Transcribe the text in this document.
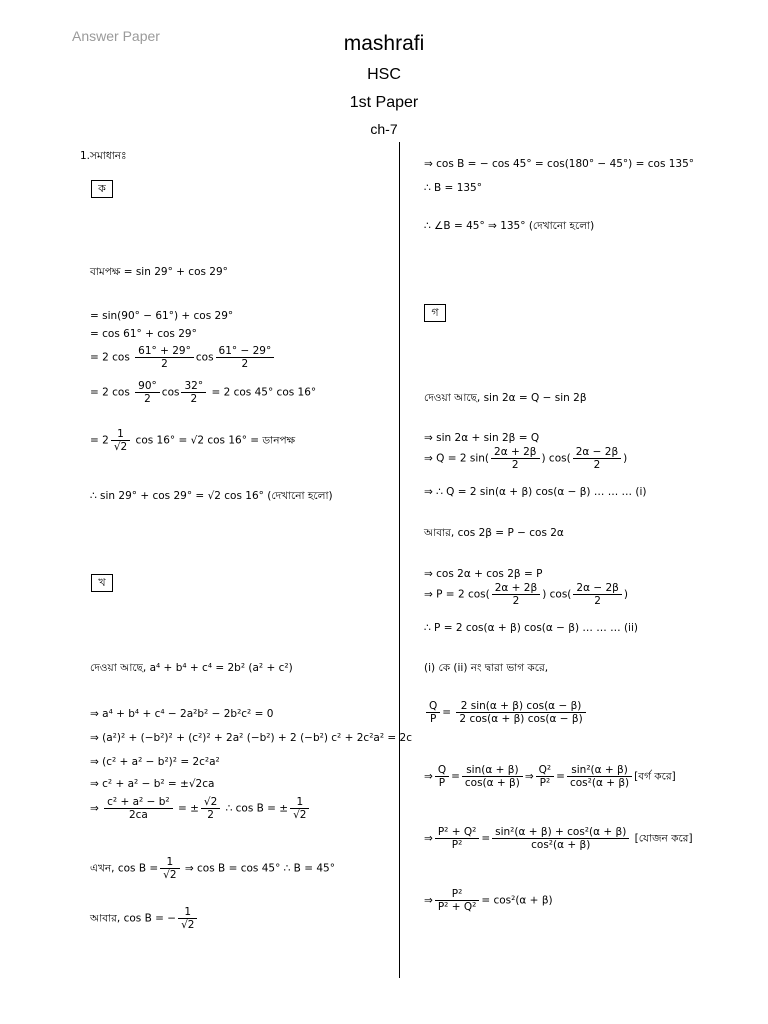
Answer Paper	mashrafi
HSC
1st Paper
ch-7
1.সমাধানঃ
ক
বামপক্ষ = sin 29° + cos 29°
= sin(90° − 61°) + cos 29°
= cos 61° + cos 29°
= 2 $\cos \frac{61^\circ + 29^\circ}{2}$ $\cos \frac{61^\circ - 29^\circ}{2}$
= 2 $\cos \frac{90^\circ}{2}$ $\cos \frac{32^\circ}{2} = 2$ cos 45° cos 16°
= $2 \frac{1}{√2}$ cos 16° = √2 cos 16° = ডানপক্ষ
∴ sin 29° + cos 29° = √2 cos 16° (দেখানো হলো)
খ
দেওয়া আছে, a⁴ + b⁴ + c⁴ = 2b² (a² + c²)
⇒ a⁴ + b⁴ + c⁴ − 2a²b² − 2b²c² = 0
⇒ (a²)² + (−b²)² + (c²)² + 2a² (−b²) + 2 (−b²) c² + 2c²a² = 2c
⇒ (c² + a² − b²)² = 2c²a²
⇒ c² + a² − b² = ±√2ca
⇒ $\frac{\text{c² + a² − b²}}{2ca}$ = ± $\frac{√2}{2}$ ∴ cos B = ± $\frac{1}{√2}$
এখন, $\cos B = \frac{1}{√2}$ ⇒ cos B = cos 45° ∴ B = 45°
আবার, cos B = − $\frac{1}{√2}$
⇒ cos B = − cos 45° = cos(180° − 45°) = cos 135°
∴ B = 135°
∴ ∠B = 45° ⇒ 135° (দেখানো হলো)
গ
দেওয়া আছে, sin 2α = Q − sin 2β
⇒ sin 2α + sin 2β = Q
⇒ Q = 2 $\sin( \frac{2\alpha + 2\beta}{2}$ ) $\cos( \frac{2\alpha - 2\beta}{2}$ )
⇒ ∴ Q = 2 sin(α + β) cos(α − β) … … … (i)
আবার, cos 2β = P − cos 2α
⇒ cos 2α + cos 2β = P
⇒ P = 2 $\cos( \frac{2\alpha + 2\beta}{2}$ ) $\cos( \frac{2\alpha - 2\beta}{2}$ )
∴ P = 2 cos(α + β) cos(α − β) … … … (ii)
(i) কে (ii) নং দ্বারা ভাগ করে,
$\frac{Q}{P} = \frac{2 \sin(\alpha + \beta) \cos(\alpha - \beta)}{2 \cos(\alpha + \beta) \cos(\alpha - \beta)}$
⇒ $\frac{Q}{P} = \frac{\sin(\alpha + \beta)}{\cos(\alpha + \beta)}$ ⇒ $\frac{\text{Q²}}{\text{P²}} = \frac{\text{sin²(α + β)}}{\text{cos²(α + β)}}$ [বর্গ করে]
⇒ $\frac{\text{P² + Q²}}{\text{P²}} = \frac{\text{sin²(α + β) + cos²(α + β)}}{\text{cos²(α + β)}}$ [যোজন করে]
⇒ $\frac{\text{P²}}{\text{P² + Q²}} = \cos^2(\alpha + \beta)$
